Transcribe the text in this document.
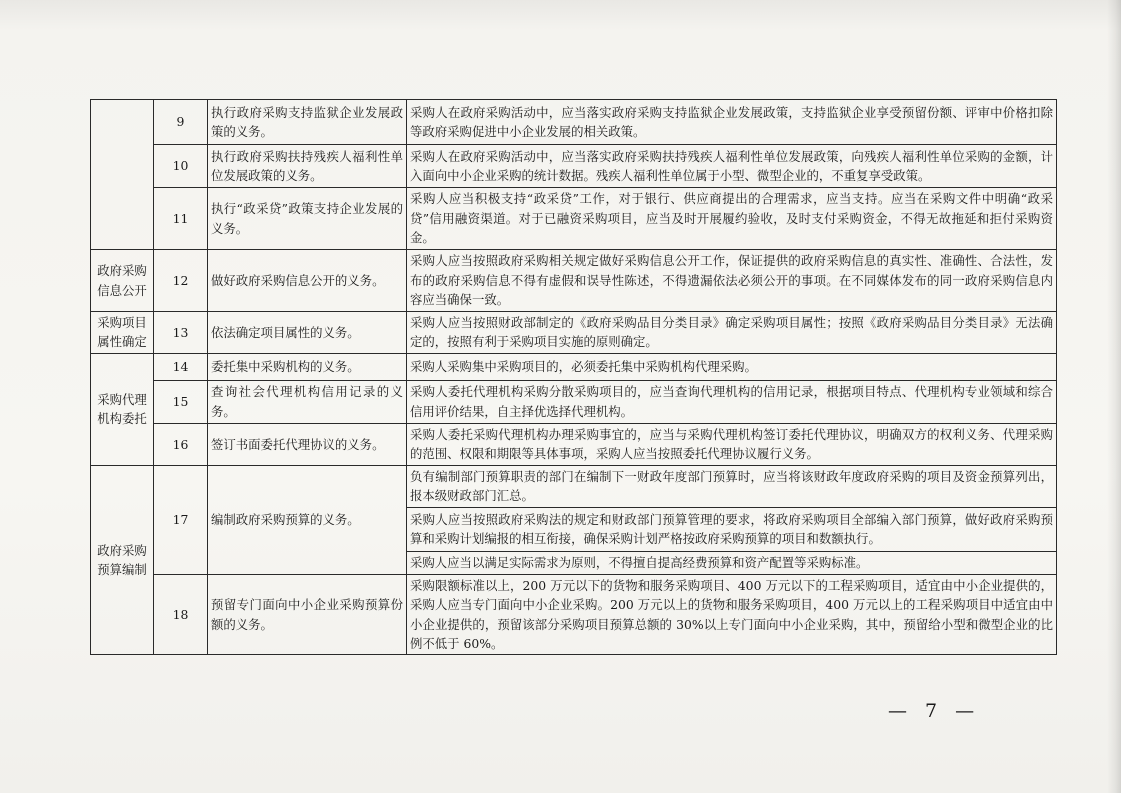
	9	执行政府采购支持监狱企业发展政策的义务。	采购人在政府采购活动中，应当落实政府采购支持监狱企业发展政策，支持监狱企业享受预留份额、评审中价格扣除等政府采购促进中小企业发展的相关政策。
	10	执行政府采购扶持残疾人福利性单位发展政策的义务。	采购人在政府采购活动中，应当落实政府采购扶持残疾人福利性单位发展政策，向残疾人福利性单位采购的金额，计入面向中小企业采购的统计数据。残疾人福利性单位属于小型、微型企业的，不重复享受政策。
	11	执行“政采贷”政策支持企业发展的义务。	采购人应当积极支持“政采贷”工作，对于银行、供应商提出的合理需求，应当支持。应当在采购文件中明确“政采贷”信用融资渠道。对于已融资采购项目，应当及时开展履约验收，及时支付采购资金，不得无故拖延和拒付采购资金。
政府采购信息公开	12	做好政府采购信息公开的义务。	采购人应当按照政府采购相关规定做好采购信息公开工作，保证提供的政府采购信息的真实性、准确性、合法性，发布的政府采购信息不得有虚假和误导性陈述，不得遗漏依法必须公开的事项。在不同媒体发布的同一政府采购信息内容应当确保一致。
采购项目属性确定	13	依法确定项目属性的义务。	采购人应当按照财政部制定的《政府采购品目分类目录》确定采购项目属性；按照《政府采购品目分类目录》无法确定的，按照有利于采购项目实施的原则确定。
采购代理机构委托	14	委托集中采购机构的义务。	采购人采购集中采购项目的，必须委托集中采购机构代理采购。
	15	查询社会代理机构信用记录的义务。	采购人委托代理机构采购分散采购项目的，应当查询代理机构的信用记录，根据项目特点、代理机构专业领域和综合信用评价结果，自主择优选择代理机构。
	16	签订书面委托代理协议的义务。	采购人委托采购代理机构办理采购事宜的，应当与采购代理机构签订委托代理协议，明确双方的权利义务、代理采购的范围、权限和期限等具体事项，采购人应当按照委托代理协议履行义务。
政府采购预算编制	17	编制政府采购预算的义务。	负有编制部门预算职责的部门在编制下一财政年度部门预算时，应当将该财政年度政府采购的项目及资金预算列出，报本级财政部门汇总。
			采购人应当按照政府采购法的规定和财政部门预算管理的要求，将政府采购项目全部编入部门预算，做好政府采购预算和采购计划编报的相互衔接，确保采购计划严格按政府采购预算的项目和数额执行。
			采购人应当以满足实际需求为原则，不得擅自提高经费预算和资产配置等采购标准。
	18	预留专门面向中小企业采购预算份额的义务。	采购限额标准以上，200 万元以下的货物和服务采购项目、400 万元以下的工程采购项目，适宜由中小企业提供的，采购人应当专门面向中小企业采购。200 万元以上的货物和服务采购项目，400 万元以上的工程采购项目中适宜由中小企业提供的，预留该部分采购项目预算总额的 30%以上专门面向中小企业采购，其中，预留给小型和微型企业的比例不低于 60%。
— 7 —
